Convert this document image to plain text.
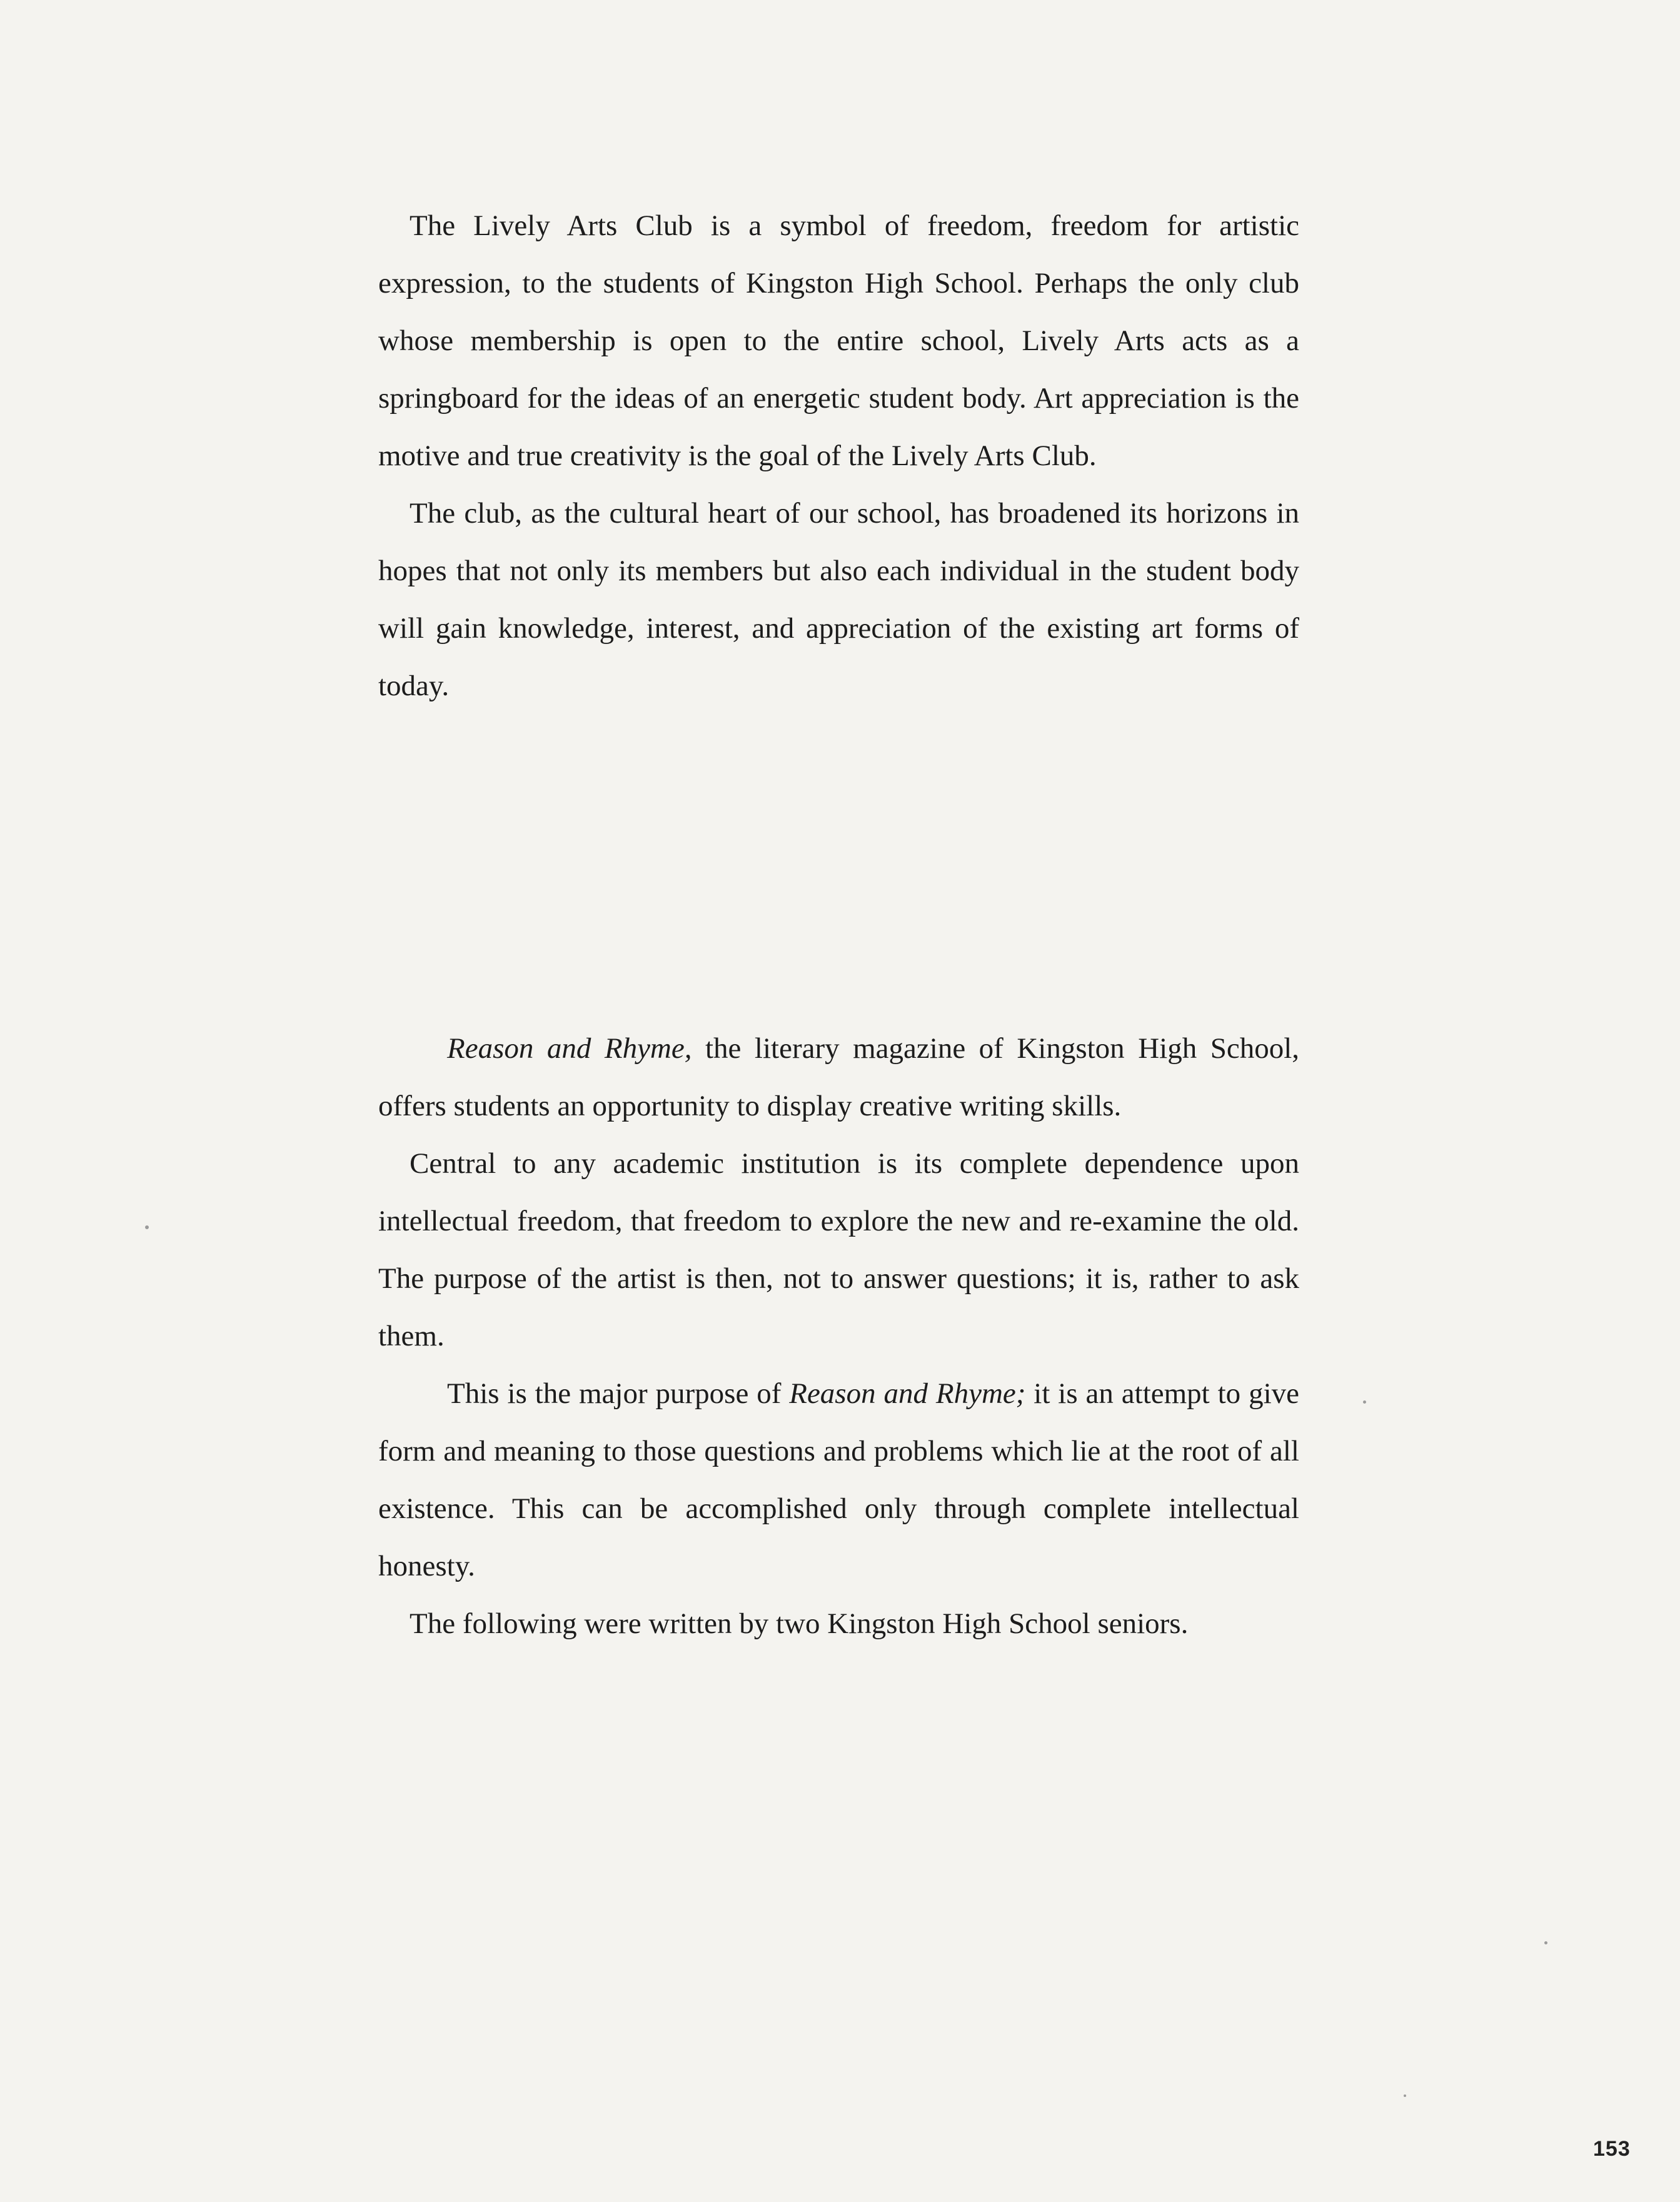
The Lively Arts Club is a symbol of freedom, freedom for artistic expression, to the students of Kingston High School. Perhaps the only club whose membership is open to the entire school, Lively Arts acts as a springboard for the ideas of an energetic student body. Art appreciation is the motive and true creativity is the goal of the Lively Arts Club.

The club, as the cultural heart of our school, has broadened its horizons in hopes that not only its members but also each individual in the student body will gain knowledge, interest, and appreciation of the existing art forms of today.

Reason and Rhyme, the literary magazine of Kingston High School, offers students an opportunity to display creative writing skills.

Central to any academic institution is its complete dependence upon intellectual freedom, that freedom to explore the new and re-examine the old. The purpose of the artist is then, not to answer questions; it is, rather to ask them.

This is the major purpose of Reason and Rhyme; it is an attempt to give form and meaning to those questions and problems which lie at the root of all existence. This can be accomplished only through complete intellectual honesty.

The following were written by two Kingston High School seniors.

153
